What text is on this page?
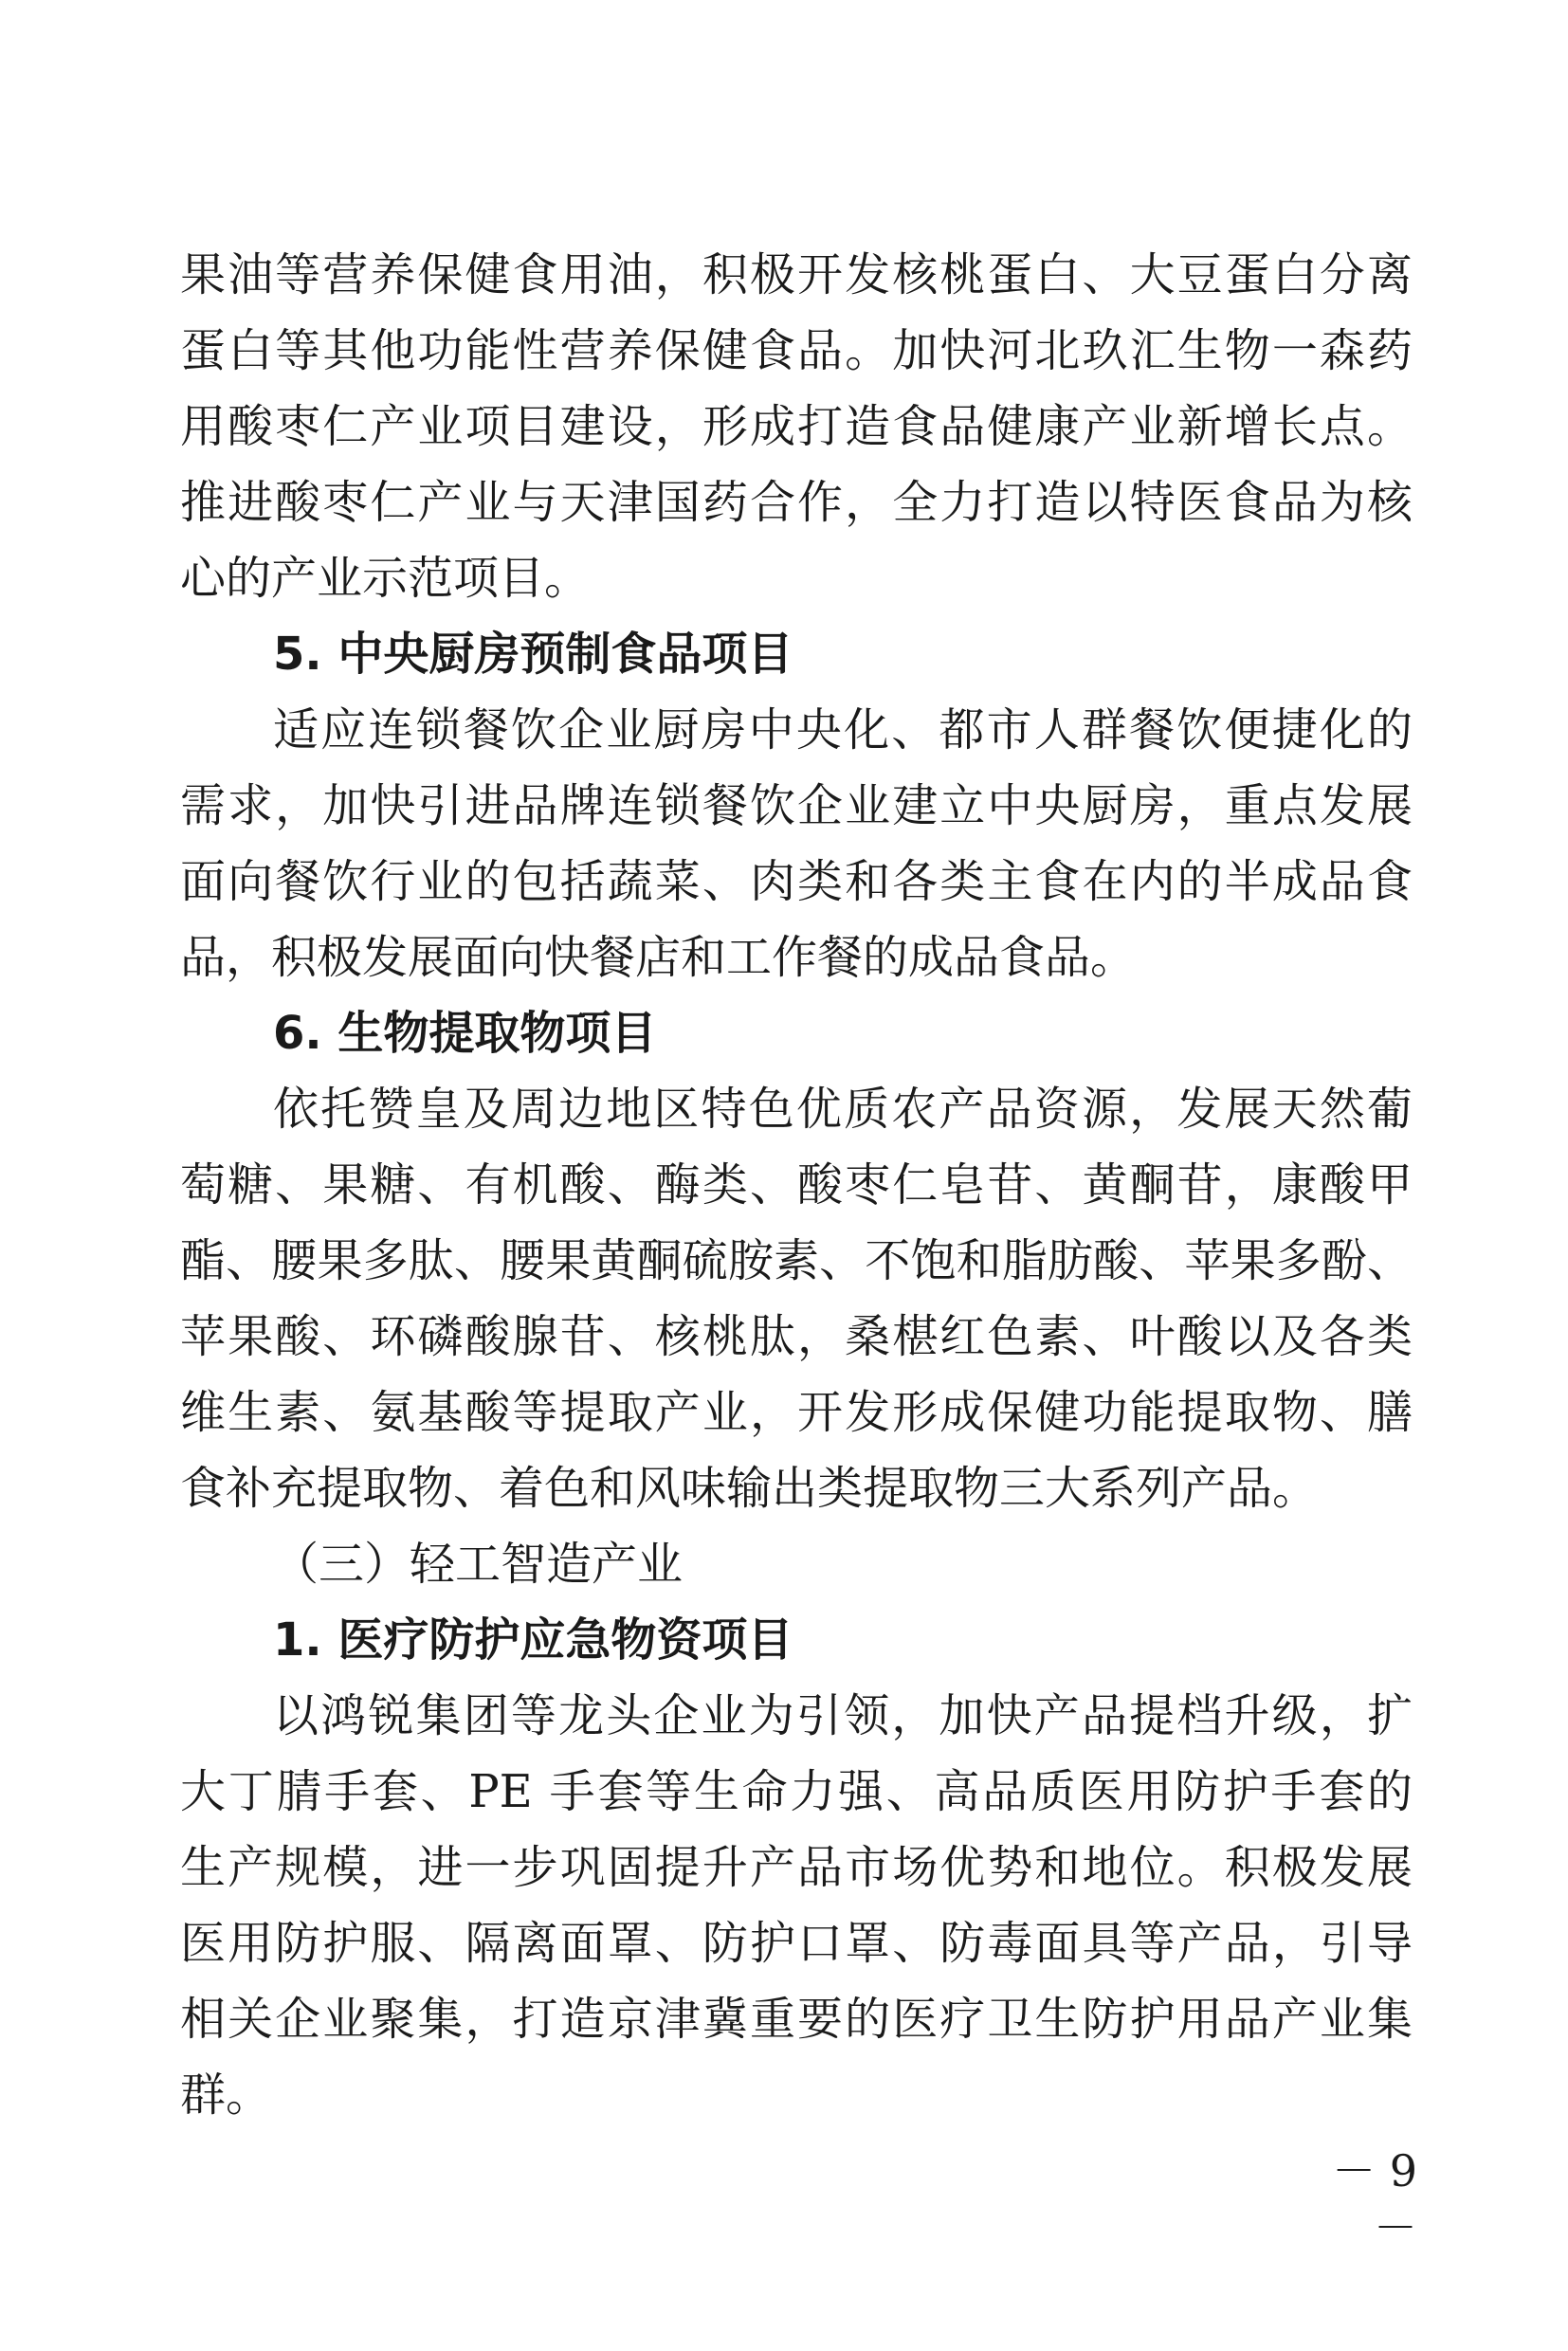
果油等营养保健食用油，积极开发核桃蛋白、大豆蛋白分离
蛋白等其他功能性营养保健食品。加快河北玖汇生物一森药
用酸枣仁产业项目建设，形成打造食品健康产业新增长点。
推进酸枣仁产业与天津国药合作，全力打造以特医食品为核
心的产业示范项目。
5. 中央厨房预制食品项目
适应连锁餐饮企业厨房中央化、都市人群餐饮便捷化的
需求，加快引进品牌连锁餐饮企业建立中央厨房，重点发展
面向餐饮行业的包括蔬菜、肉类和各类主食在内的半成品食
品，积极发展面向快餐店和工作餐的成品食品。
6. 生物提取物项目
依托赞皇及周边地区特色优质农产品资源，发展天然葡
萄糖、果糖、有机酸、酶类、酸枣仁皂苷、黄酮苷，康酸甲
酯、腰果多肽、腰果黄酮硫胺素、不饱和脂肪酸、苹果多酚、
苹果酸、环磷酸腺苷、核桃肽，桑椹红色素、叶酸以及各类
维生素、氨基酸等提取产业，开发形成保健功能提取物、膳
食补充提取物、着色和风味输出类提取物三大系列产品。
（三）轻工智造产业
1. 医疗防护应急物资项目
以鸿锐集团等龙头企业为引领，加快产品提档升级，扩
大丁腈手套、PE 手套等生命力强、高品质医用防护手套的
生产规模，进一步巩固提升产品市场优势和地位。积极发展
医用防护服、隔离面罩、防护口罩、防毒面具等产品，引导
相关企业聚集，打造京津冀重要的医疗卫生防护用品产业集
群。
－ 9 －
